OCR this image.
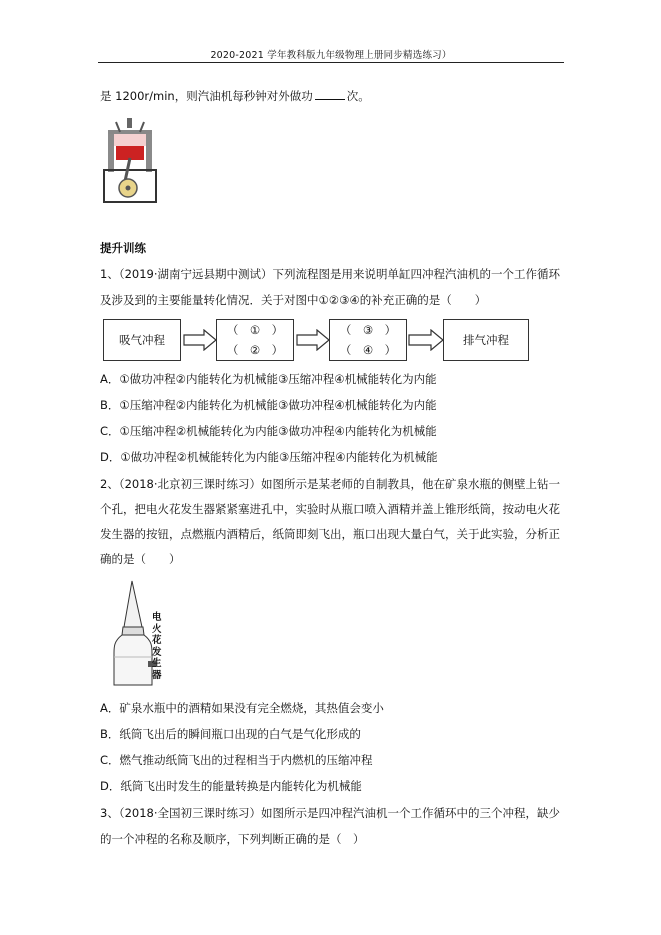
2020-2021 学年教科版九年级物理上册同步精选练习）
是 1200r/min，则汽油机每秒钟对外做功	次。
提升训练
1、（2019·湖南宁远县期中测试）下列流程图是用来说明单缸四冲程汽油机的一个工作循环
及涉及到的主要能量转化情况．关于对图中①②③④的补充正确的是（　　）
吸气冲程
（　①　）
（　②　）
（　③　）
（　④　）
排气冲程
A．①做功冲程②内能转化为机械能③压缩冲程④机械能转化为内能
B．①压缩冲程②内能转化为机械能③做功冲程④机械能转化为内能
C．①压缩冲程②机械能转化为内能③做功冲程④内能转化为机械能
D．①做功冲程②机械能转化为内能③压缩冲程④内能转化为机械能
2、（2018·北京初三课时练习）如图所示是某老师的自制教具，他在矿泉水瓶的侧壁上钻一
个孔，把电火花发生器紧紧塞进孔中，实验时从瓶口喷入酒精并盖上锥形纸筒，按动电火花
发生器的按钮，点燃瓶内酒精后，纸筒即刻飞出，瓶口出现大量白气，关于此实验，分析正
确的是（　　）
电火花发生器
A．矿泉水瓶中的酒精如果没有完全燃烧，其热值会变小
B．纸筒飞出后的瞬间瓶口出现的白气是气化形成的
C．燃气推动纸筒飞出的过程相当于内燃机的压缩冲程
D．纸筒飞出时发生的能量转换是内能转化为机械能
3、（2018·全国初三课时练习）如图所示是四冲程汽油机一个工作循环中的三个冲程，缺少
的一个冲程的名称及顺序，下列判断正确的是（　）
